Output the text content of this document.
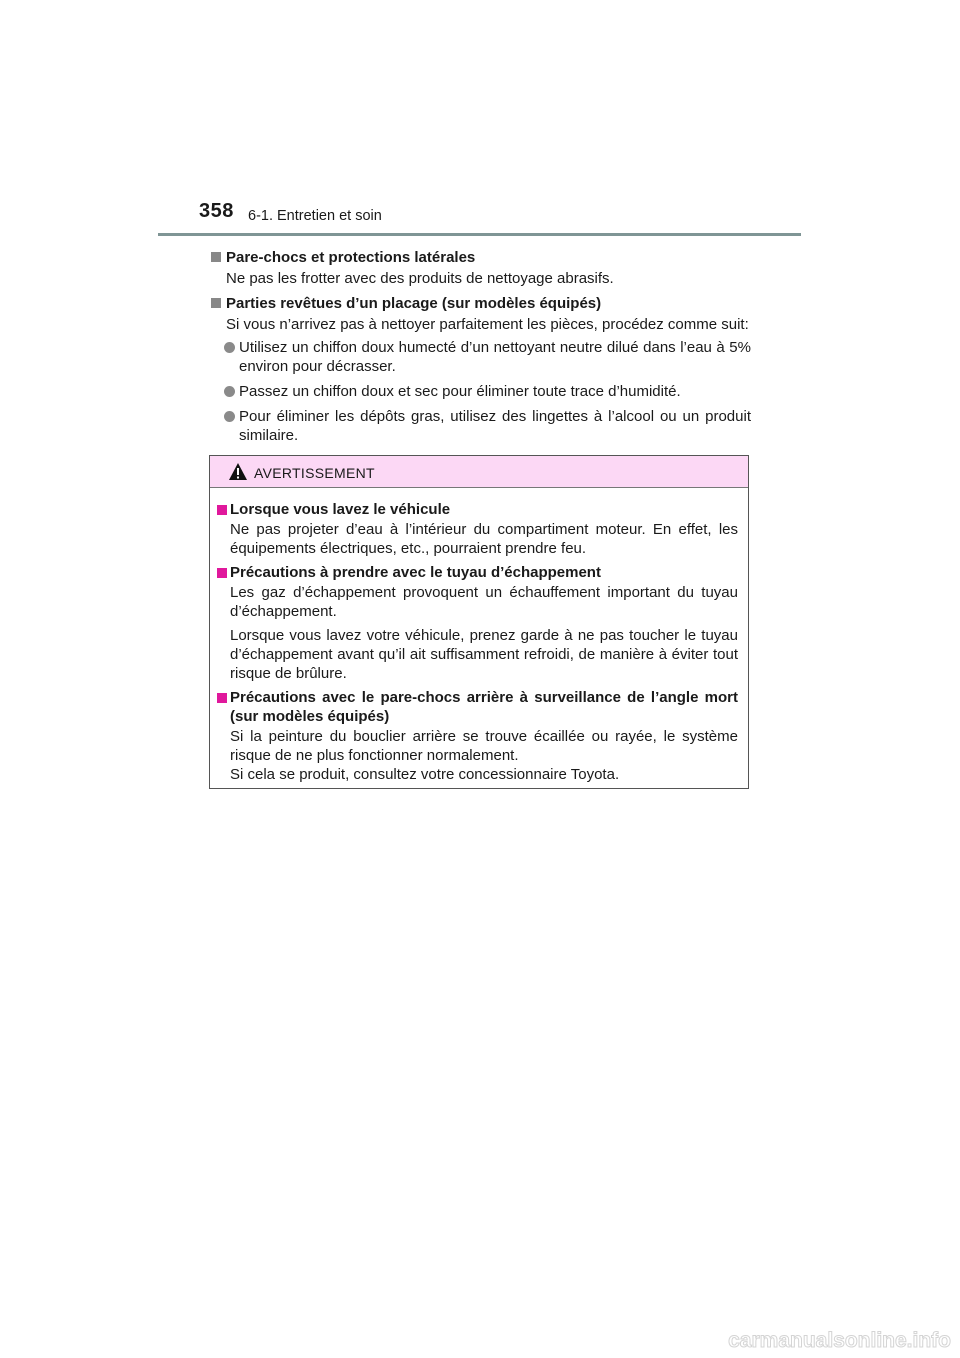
358 6-1. Entretien et soin
Pare-chocs et protections latérales
Ne pas les frotter avec des produits de nettoyage abrasifs.
Parties revêtues d’un placage (sur modèles équipés)
Si vous n’arrivez pas à nettoyer parfaitement les pièces, procédez comme suit:
Utilisez un chiffon doux humecté d’un nettoyant neutre dilué dans l’eau à 5% environ pour décrasser.
Passez un chiffon doux et sec pour éliminer toute trace d’humidité.
Pour éliminer les dépôts gras, utilisez des lingettes à l’alcool ou un produit similaire.
AVERTISSEMENT
Lorsque vous lavez le véhicule
Ne pas projeter d’eau à l’intérieur du compartiment moteur. En effet, les équipements électriques, etc., pourraient prendre feu.
Précautions à prendre avec le tuyau d’échappement
Les gaz d’échappement provoquent un échauffement important du tuyau d’échappement.
Lorsque vous lavez votre véhicule, prenez garde à ne pas toucher le tuyau d’échappement avant qu’il ait suffisamment refroidi, de manière à éviter tout risque de brûlure.
Précautions avec le pare-chocs arrière à surveillance de l’angle mort (sur modèles équipés)
Si la peinture du bouclier arrière se trouve écaillée ou rayée, le système risque de ne plus fonctionner normalement.
Si cela se produit, consultez votre concessionnaire Toyota.
carmanualsonline.info
